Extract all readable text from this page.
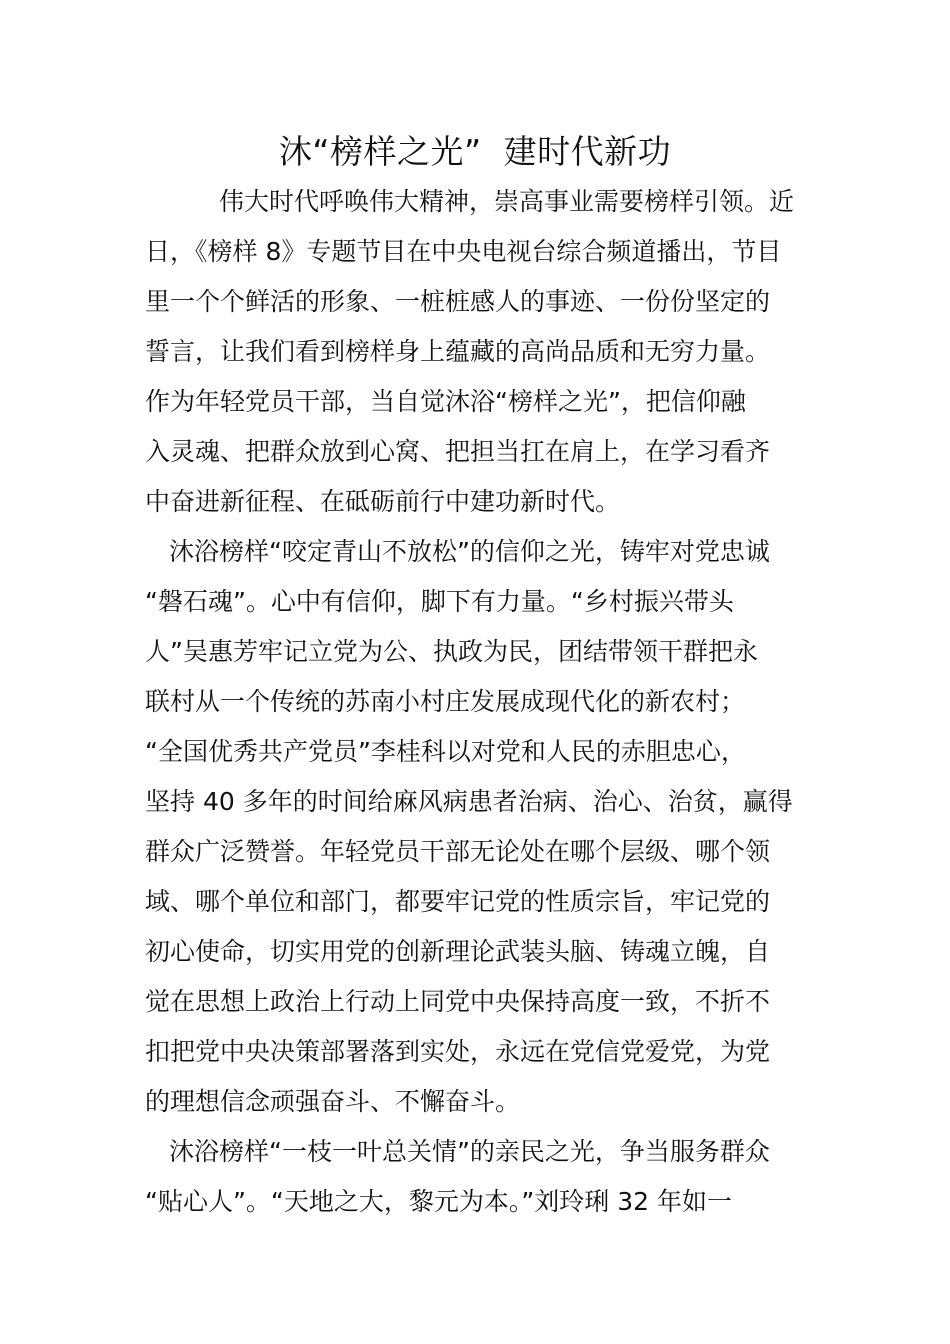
沐“榜样之光”  建时代新功
伟大时代呼唤伟大精神，崇高事业需要榜样引领。近
日，《榜样 8》专题节目在中央电视台综合频道播出，节目
里一个个鲜活的形象、一桩桩感人的事迹、一份份坚定的
誓言，让我们看到榜样身上蕴藏的高尚品质和无穷力量。
作为年轻党员干部，当自觉沐浴“榜样之光”，把信仰融
入灵魂、把群众放到心窝、把担当扛在肩上，在学习看齐
中奋进新征程、在砥砺前行中建功新时代。
沐浴榜样“咬定青山不放松”的信仰之光，铸牢对党忠诚
“磐石魂”。心中有信仰，脚下有力量。“乡村振兴带头
人”吴惠芳牢记立党为公、执政为民，团结带领干群把永
联村从一个传统的苏南小村庄发展成现代化的新农村；
“全国优秀共产党员”李桂科以对党和人民的赤胆忠心，
坚持 40 多年的时间给麻风病患者治病、治心、治贫，赢得
群众广泛赞誉。年轻党员干部无论处在哪个层级、哪个领
域、哪个单位和部门，都要牢记党的性质宗旨，牢记党的
初心使命，切实用党的创新理论武装头脑、铸魂立魄，自
觉在思想上政治上行动上同党中央保持高度一致，不折不
扣把党中央决策部署落到实处，永远在党信党爱党，为党
的理想信念顽强奋斗、不懈奋斗。
沐浴榜样“一枝一叶总关情”的亲民之光，争当服务群众
“贴心人”。“天地之大，黎元为本。”刘玲琍 32 年如一
